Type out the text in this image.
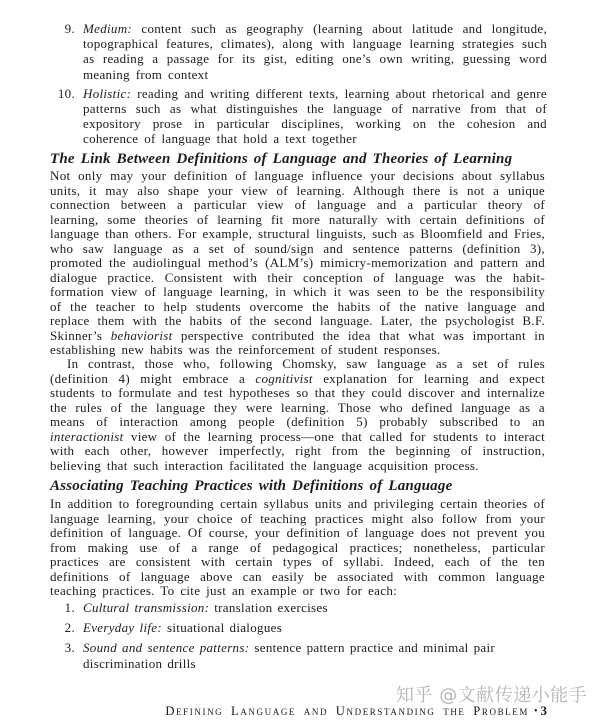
9. Medium: content such as geography (learning about latitude and longitude, topographical features, climates), along with language learning strategies such as reading a passage for its gist, editing one’s own writing, guessing word meaning from context
10. Holistic: reading and writing different texts, learning about rhetorical and genre patterns such as what distinguishes the language of narrative from that of expository prose in particular disciplines, working on the cohesion and coherence of language that hold a text together
The Link Between Definitions of Language and Theories of Learning

Not only may your definition of language influence your decisions about syllabus units, it may also shape your view of learning. Although there is not a unique connection between a particular view of language and a particular theory of learning, some theories of learning fit more naturally with certain definitions of language than others. For example, structural linguists, such as Bloomfield and Fries, who saw language as a set of sound/sign and sentence patterns (definition 3), promoted the audiolingual method’s (ALM’s) mimicry-memorization and pattern and dialogue practice. Consistent with their conception of language was the habit-formation view of language learning, in which it was seen to be the responsibility of the teacher to help students overcome the habits of the native language and replace them with the habits of the second language. Later, the psychologist B.F. Skinner’s behaviorist perspective contributed the idea that what was important in establishing new habits was the reinforcement of student responses.

In contrast, those who, following Chomsky, saw language as a set of rules (definition 4) might embrace a cognitivist explanation for learning and expect students to formulate and test hypotheses so that they could discover and internalize the rules of the language they were learning. Those who defined language as a means of interaction among people (definition 5) probably subscribed to an interactionist view of the learning process—one that called for students to interact with each other, however imperfectly, right from the beginning of instruction, believing that such interaction facilitated the language acquisition process.

Associating Teaching Practices with Definitions of Language

In addition to foregrounding certain syllabus units and privileging certain theories of language learning, your choice of teaching practices might also follow from your definition of language. Of course, your definition of language does not prevent you from making use of a range of pedagogical practices; nonetheless, particular practices are consistent with certain types of syllabi. Indeed, each of the ten definitions of language above can easily be associated with common language teaching practices. To cite just an example or two for each:

1. Cultural transmission: translation exercises
2. Everyday life: situational dialogues
3. Sound and sentence patterns: sentence pattern practice and minimal pair discrimination drills
知乎 @文献传递小能手
Defining Language and Understanding the Problem • 3
